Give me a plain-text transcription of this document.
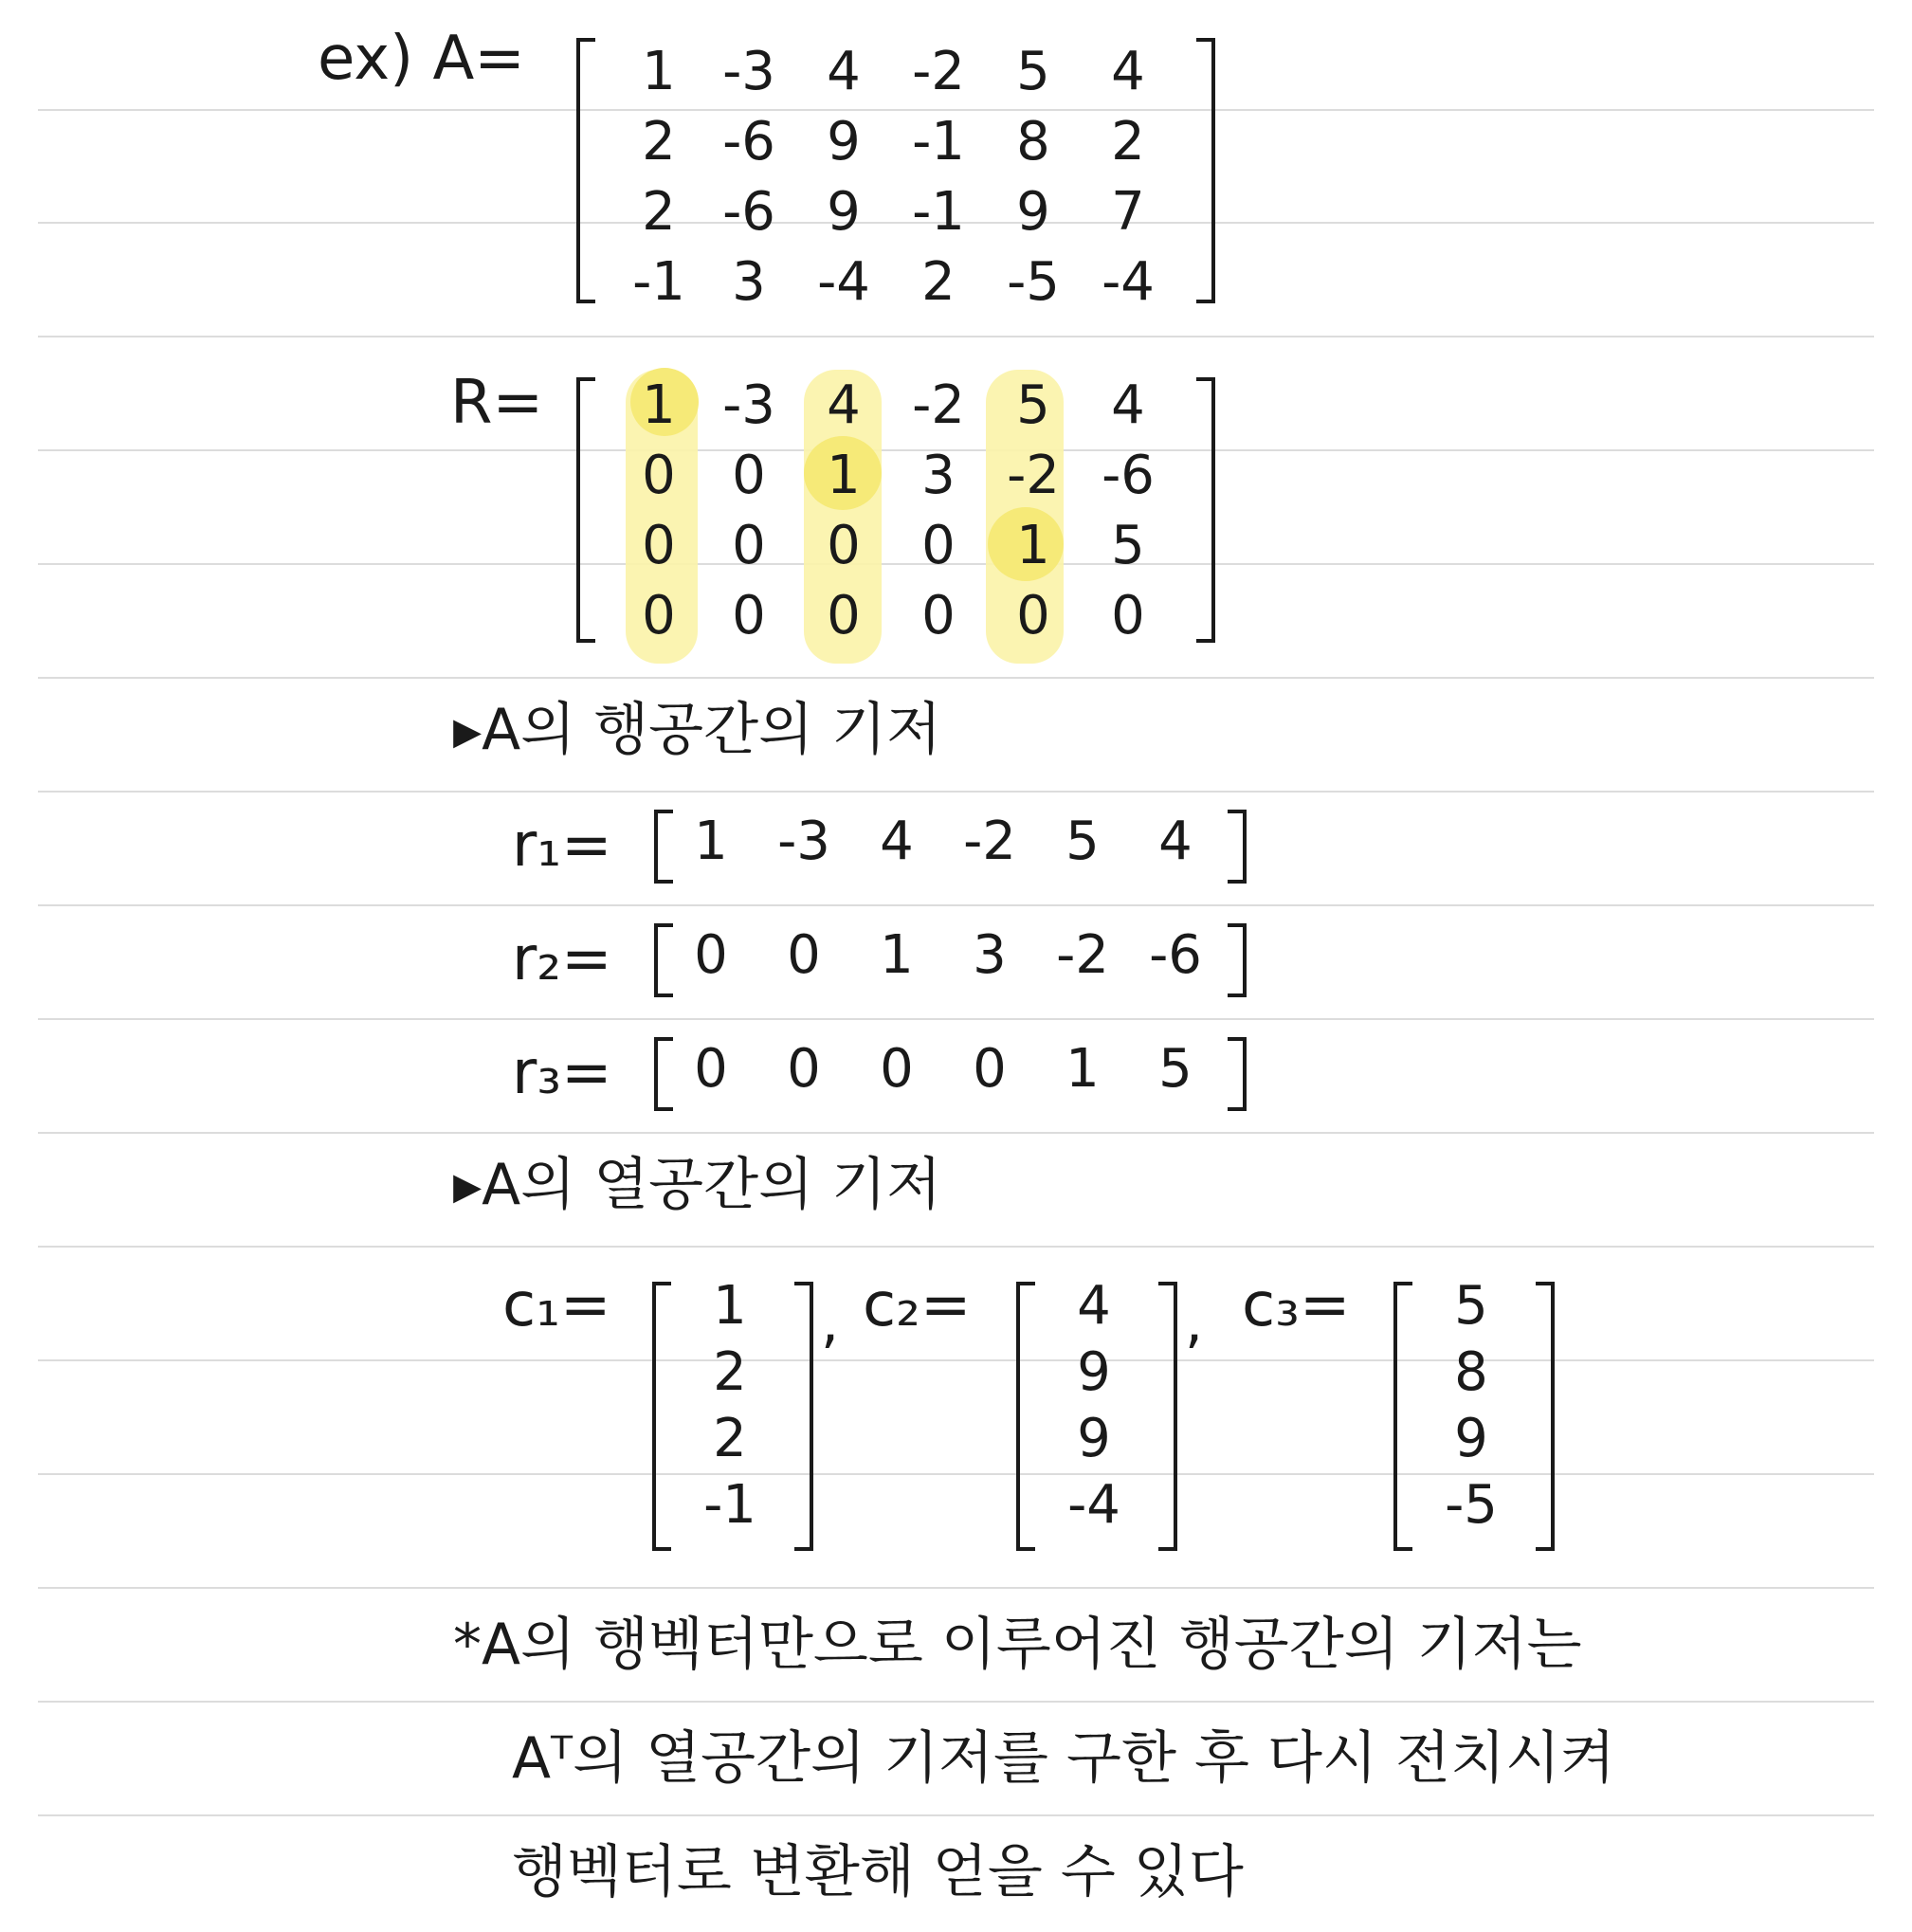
ex) A=	1 -3 4 -2 5	4
2 -6 9 -1 8	2
2 -6 9 -1 9	7
-1 3 -4 2 -5 -4
R=	1 -3 4 -2 5	4
0	0	1	3 -2 -6
0	0	0	0	1	5
0	0	0	0	0	0
▸A의 행공간의 기저
r₁=	1 -3 4 -2 5	4
r₂=	0	0	1	3 -2 -6
r₃=	0	0	0	0	1	5
▸A의 열공간의 기저
c₁=	1
2
2
-1
, c₂=	4
9
9
-4
, c₃=	5
8
9
-5
*A의 행벡터만으로 이루어진 행공간의 기저는
Aᵀ의 열공간의 기저를 구한 후 다시 전치시켜
행벡터로 변환해 얻을 수 있다
